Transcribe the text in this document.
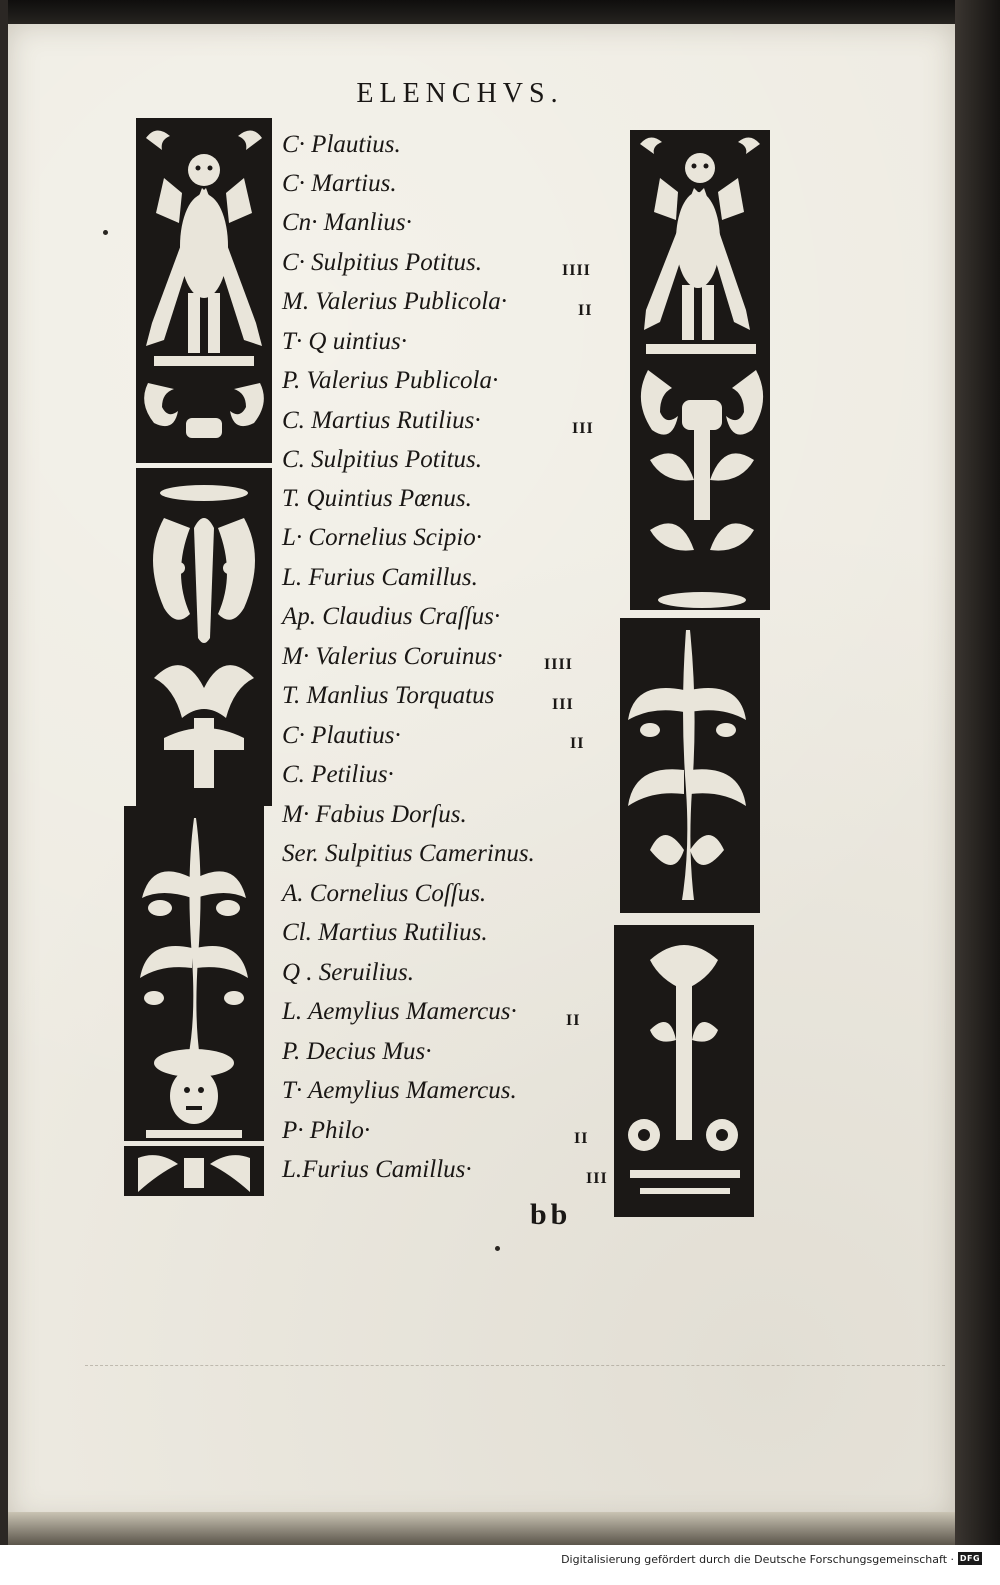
ELENCHVS.
C· Plautius.
C· Martius.
Cn· Manlius·
C· Sulpitius Potitus.
M. Valerius Publicola·
T· Q uintius·
P. Valerius Publicola·
C. Martius Rutilius·
C. Sulpitius Potitus.
T. Quintius Pœnus.
L· Cornelius Scipio·
L. Furius Camillus.
Ap. Claudius Craſſus·
M· Valerius Coruinus·
T. Manlius Torquatus
C· Plautius·
C. Petilius·
M· Fabius Dorſus.
Ser. Sulpitius Camerinus.
A. Cornelius Coſſus.
Cl. Martius Rutilius.
Q . Seruilius.
L. Aemylius Mamercus·
P. Decius Mus·
T· Aemylius Mamercus.
P· Philo·
L.Furius Camillus·
IIII
II
III
IIII
III
II
II
II
III
bb
Digitalisierung gefördert durch die Deutsche Forschungsgemeinschaft · DFG
